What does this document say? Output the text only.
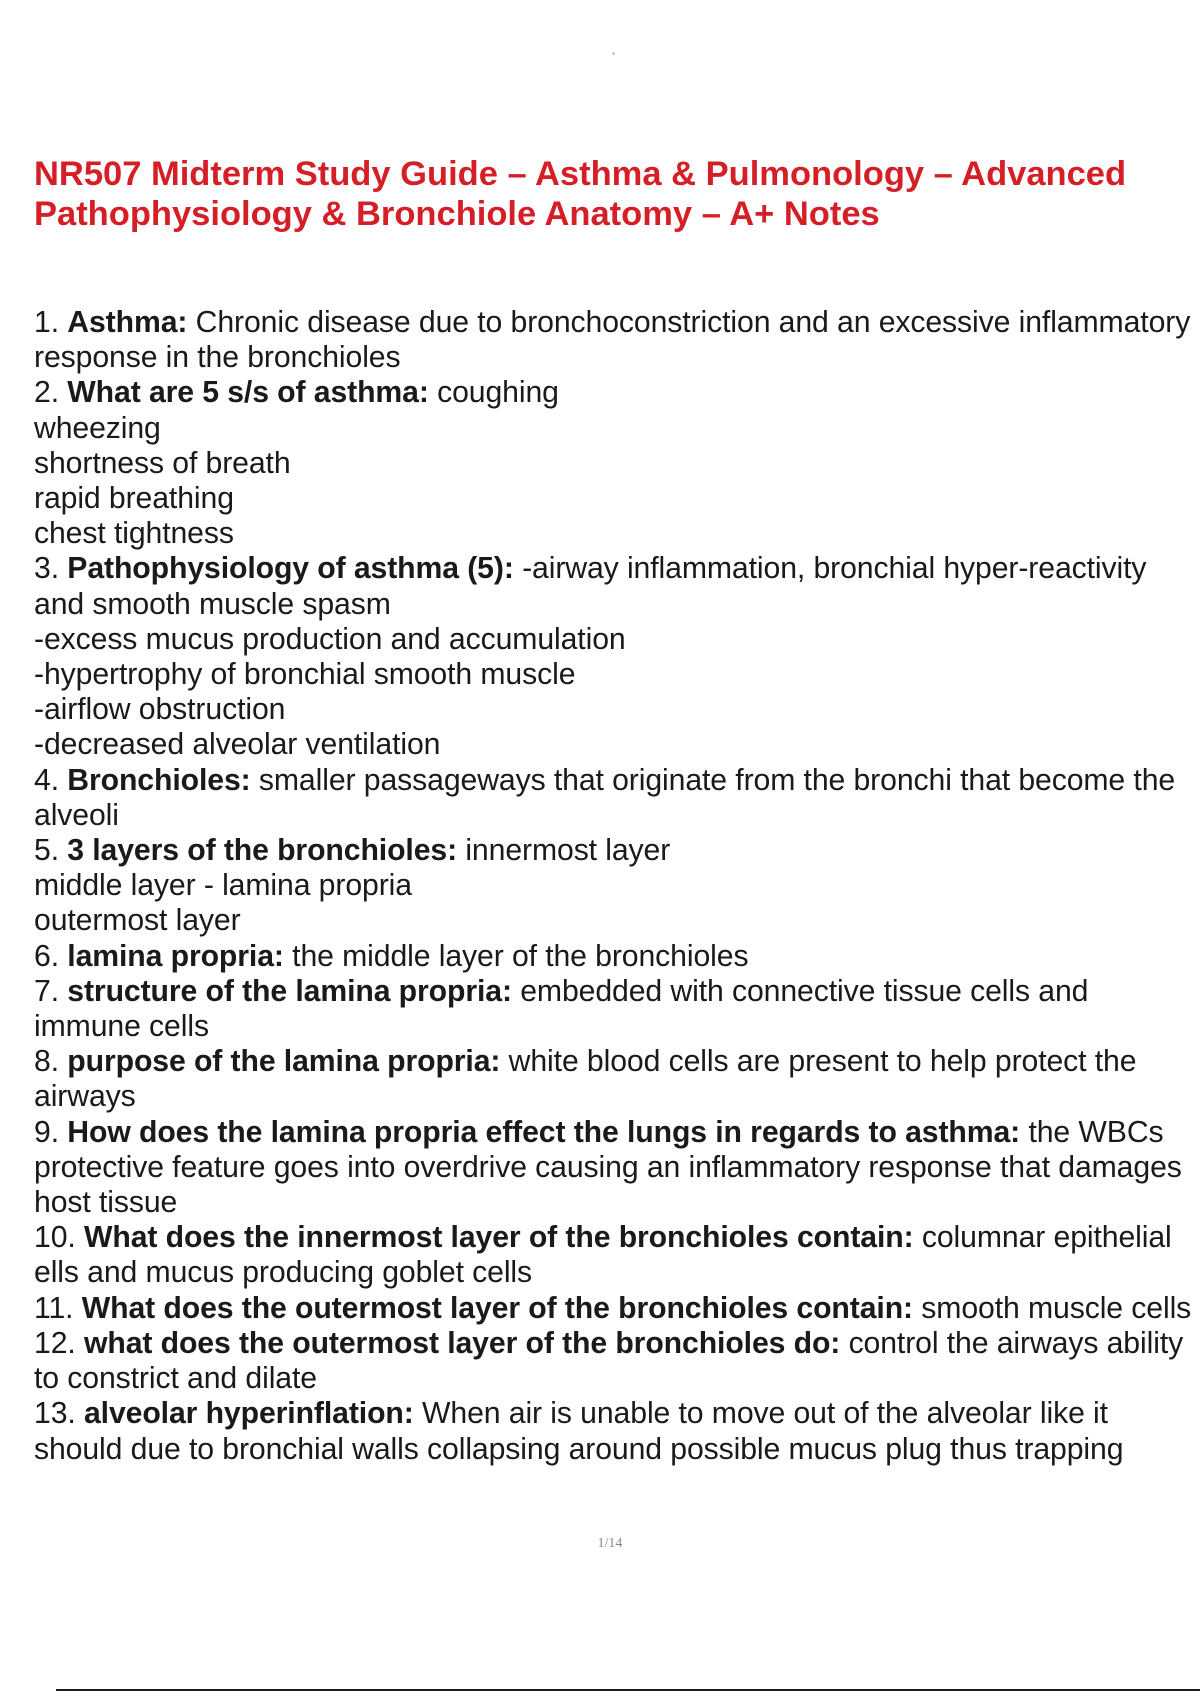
NR507 Midterm Study Guide – Asthma & Pulmonology – Advanced Pathophysiology & Bronchiole Anatomy – A+ Notes

1. Asthma: Chronic disease due to bronchoconstriction and an excessive inflammatory response in the bronchioles

2. What are 5 s/s of asthma: coughing

wheezing

shortness of breath

rapid breathing

chest tightness

3. Pathophysiology of asthma (5): -airway inflammation, bronchial hyper-reactivity and smooth muscle spasm

-excess mucus production and accumulation

-hypertrophy of bronchial smooth muscle

-airflow obstruction

-decreased alveolar ventilation

4. Bronchioles: smaller passageways that originate from the bronchi that become the alveoli

5. 3 layers of the bronchioles: innermost layer

middle layer - lamina propria

outermost layer

6. lamina propria: the middle layer of the bronchioles

7. structure of the lamina propria: embedded with connective tissue cells and immune cells

8. purpose of the lamina propria: white blood cells are present to help protect the airways

9. How does the lamina propria effect the lungs in regards to asthma: the WBCs protective feature goes into overdrive causing an inflammatory response that damages host tissue

10. What does the innermost layer of the bronchioles contain: columnar epithelial ells and mucus producing goblet cells

11. What does the outermost layer of the bronchioles contain: smooth muscle cells

12. what does the outermost layer of the bronchioles do: control the airways ability to constrict and dilate

13. alveolar hyperinflation: When air is unable to move out of the alveolar like it should due to bronchial walls collapsing around possible mucus plug thus trapping

1/14
